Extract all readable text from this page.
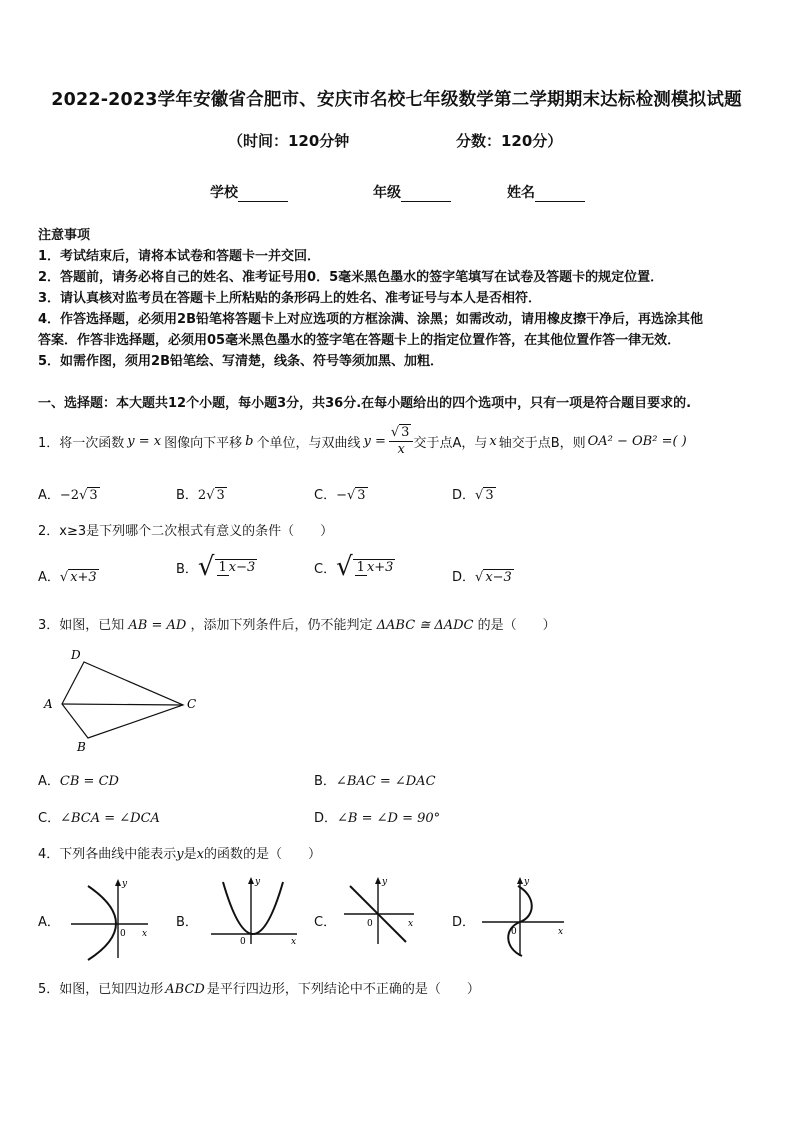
2022-2023学年安徽省合肥市、安庆市名校七年级数学第二学期期末达标检测模拟试题
（时间：120分钟	分数：120分）
学校	年级	姓名
注意事项
1．考试结束后，请将本试卷和答题卡一并交回．
2．答题前，请务必将自己的姓名、准考证号用0．5毫米黑色墨水的签字笔填写在试卷及答题卡的规定位置．
3．请认真核对监考员在答题卡上所粘贴的条形码上的姓名、准考证号与本人是否相符．
4．作答选择题，必须用2B铅笔将答题卡上对应选项的方框涂满、涂黑；如需改动，请用橡皮擦干净后，再选涂其他
答案．作答非选择题，必须用05毫米黑色墨水的签字笔在答题卡上的指定位置作答，在其他位置作答一律无效．
5．如需作图，须用2B铅笔绘、写清楚，线条、符号等须加黑、加粗．
一、选择题：本大题共12个小题，每小题3分，共36分.在每小题给出的四个选项中，只有一项是符合题目要求的.
1．将一次函数 y = x 图像向下平移 b 个单位，与双曲线 $y = \frac{√ 3}{x}$ 交于点A，与 x 轴交于点B，则 OA² − OB² =( )
A．−2√ 3	B．2√ 3	C．−√ 3	D．√ 3
2．x≥3是下列哪个二次根式有意义的条件（　　）
A．√ x+3
B． √ 1 x−3	C． √ 1 x+3
D．√ x−3
3．如图，已知 AB = AD ，添加下列条件后，仍不能判定 ΔABC ≅ ΔADC 的是（　　）
D
A	C
B
A．CB = CD	B．∠BAC = ∠DAC
C．∠BCA = ∠DCA	D．∠B = ∠D = 90°
4．下列各曲线中能表示y是x的函数的是（　　）
A．
y
x
0
B．
y
x
0
C．
y
x
0	D．
y
x
0
5．如图，已知四边形 ABCD 是平行四边形，下列结论中不正确的是（　　）
